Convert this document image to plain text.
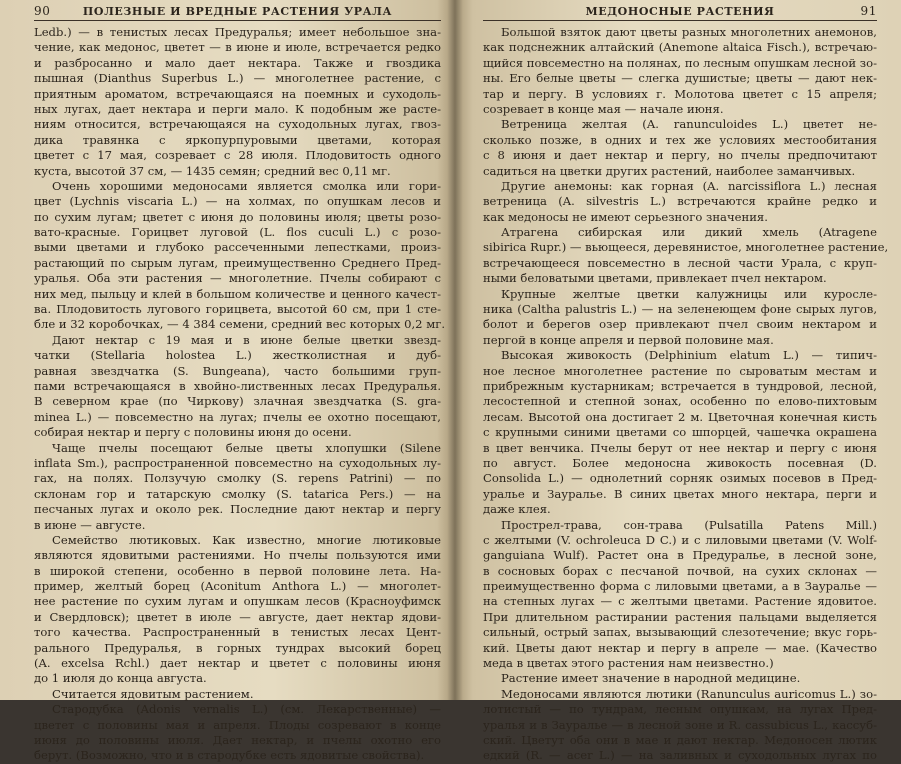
90	ПОЛЕЗНЫЕ И ВРЕДНЫЕ РАСТЕНИЯ УРАЛА
Ledb.) — в тенистых лесах Предуралья; имеет небольшое зна-
чение, как медонос, цветет — в июне и июле, встречается редко
и разбросанно и мало дает нектара. Также и гвоздика
пышная (Dianthus Superbus L.) — многолетнее растение, с
приятным ароматом, встречающаяся на поемных и суходоль-
ных лугах, дает нектара и перги мало. К подобным же расте-
ниям относится, встречающаяся на суходольных лугах, гвоз-
дика травянка с яркопурпуровыми цветами, которая
цветет с 17 мая, созревает с 28 июля. Плодовитость одного
куста, высотой 37 см, — 1435 семян; средний вес 0,11 мг.
Очень хорошими медоносами является смолка или гори-
цвет (Lychnis viscaria L.) — на холмах, по опушкам лесов и
по сухим лугам; цветет с июня до половины июля; цветы розо-
вато-красные. Горицвет луговой (L. flos cuculi L.) с розо-
выми цветами и глубоко рассеченными лепестками, произ-
растающий по сырым лугам, преимущественно Среднего Пред-
уралья. Оба эти растения — многолетние. Пчелы собирают с
них мед, пыльцу и клей в большом количестве и ценного качест-
ва. Плодовитость лугового горицвета, высотой 60 см, при 1 сте-
бле и 32 коробочках, — 4 384 семени, средний вес которых 0,2 мг.
Дают нектар с 19 мая и в июне белые цветки звезд-
чатки (Stellaria holostea L.) жестколистная и дуб-
равная звездчатка (S. Bungeana), часто большими груп-
пами встречающаяся в хвойно-лиственных лесах Предуралья.
В северном крае (по Чиркову) злачная звездчатка (S. gra-
minea L.) — повсеместно на лугах; пчелы ее охотно посещают,
собирая нектар и пергу с половины июня до осени.
Чаще пчелы посещают белые цветы хлопушки (Silene
inflata Sm.), распространенной повсеместно на суходольных лу-
гах, на полях. Ползучую смолку (S. repens Patrini) — по
склонам гор и татарскую смолку (S. tatarica Pers.) — на
песчаных лугах и около рек. Последние дают нектар и пергу
в июне — августе.
Семейство лютиковых. Как известно, многие лютиковые
являются ядовитыми растениями. Но пчелы пользуются ими
в широкой степени, особенно в первой половине лета. На-
пример, желтый борец (Aconitum Anthora L.) — многолет-
нее растение по сухим лугам и опушкам лесов (Красноуфимск
и Свердловск); цветет в июле — августе, дает нектар ядови-
того качества. Распространенный в тенистых лесах Цент-
рального Предуралья, в горных тундрах высокий борец
(A. excelsa Rchl.) дает нектар и цветет с половины июня
до 1 июля до конца августа.
Считается ядовитым растением.
Стародубка (Adonis vernalis L.) (см. Лекарственные) —
цветет с половины мая и апреля. Плоды созревают в конце
июня до половины июля. Дает нектар, и пчелы охотно его
берут. (Возможно, что и в стародубке есть ядовитые свойства).
МЕДОНОСНЫЕ РАСТЕНИЯ	91
Большой взяток дают цветы разных многолетних анемонов,
как подснежник алтайский (Anemone altaica Fisch.), встречаю-
щийся повсеместно на полянах, по лесным опушкам лесной зо-
ны. Его белые цветы — слегка душистые; цветы — дают нек-
тар и пергу. В условиях г. Молотова цветет с 15 апреля;
созревает в конце мая — начале июня.
Ветреница желтая (A. ranunculoides L.) цветет не-
сколько позже, в одних и тех же условиях местообитания
с 8 июня и дает нектар и пергу, но пчелы предпочитают
садиться на цветки других растений, наиболее заманчивых.
Другие анемоны: как горная (A. narcissiflora L.) лесная
ветреница (A. silvestris L.) встречаются крайне редко и
как медоносы не имеют серьезного значения.
Атрагена сибирская или дикий хмель (Atragene
sibirica Rupr.) — вьющееся, деревянистое, многолетнее растение,
встречающееся повсеместно в лесной части Урала, с круп-
ными беловатыми цветами, привлекает пчел нектаром.
Крупные желтые цветки калужницы или куросле-
ника (Caltha palustris L.) — на зеленеющем фоне сырых лугов,
болот и берегов озер привлекают пчел своим нектаром и
пергой в конце апреля и первой половине мая.
Высокая живокость (Delphinium elatum L.) — типич-
ное лесное многолетнее растение по сыроватым местам и
прибрежным кустарникам; встречается в тундровой, лесной,
лесостепной и степной зонах, особенно по елово-пихтовым
лесам. Высотой она достигает 2 м. Цветочная конечная кисть
с крупными синими цветами со шпорцей, чашечка окрашена
в цвет венчика. Пчелы берут от нее нектар и пергу с июня
по август. Более медоносна живокость посевная (D.
Consolida L.) — однолетний сорняк озимых посевов в Пред-
уралье и Зауралье. В синих цветах много нектара, перги и
даже клея.
Прострел-трава, сон-трава (Pulsatilla Patens Mill.)
с желтыми (V. ochroleuca D C.) и с лиловыми цветами (V. Wolf-
ganguiana Wulf). Растет она в Предуралье, в лесной зоне,
в сосновых борах с песчаной почвой, на сухих склонах —
преимущественно форма с лиловыми цветами, а в Зауралье —
на степных лугах — с желтыми цветами. Растение ядовитое.
При длительном растирании растения пальцами выделяется
сильный, острый запах, вызывающий слезотечение; вкус горь-
кий. Цветы дают нектар и пергу в апреле — мае. (Качество
меда в цветах этого растения нам неизвестно.)
Растение имеет значение в народной медицине.
Медоносами являются лютики (Ranunculus auricomus L.) зо-
лотистый — по тундрам, лесным опушкам, на лугах Пред-
уралья и в Зауралье — в лесной зоне и R. cassubicus L., кассуб-
ский. Цветут оба они в мае и дают нектар. Медоносен лютик
едкий (R. — acer L.) — на заливных и суходольных лугах по
